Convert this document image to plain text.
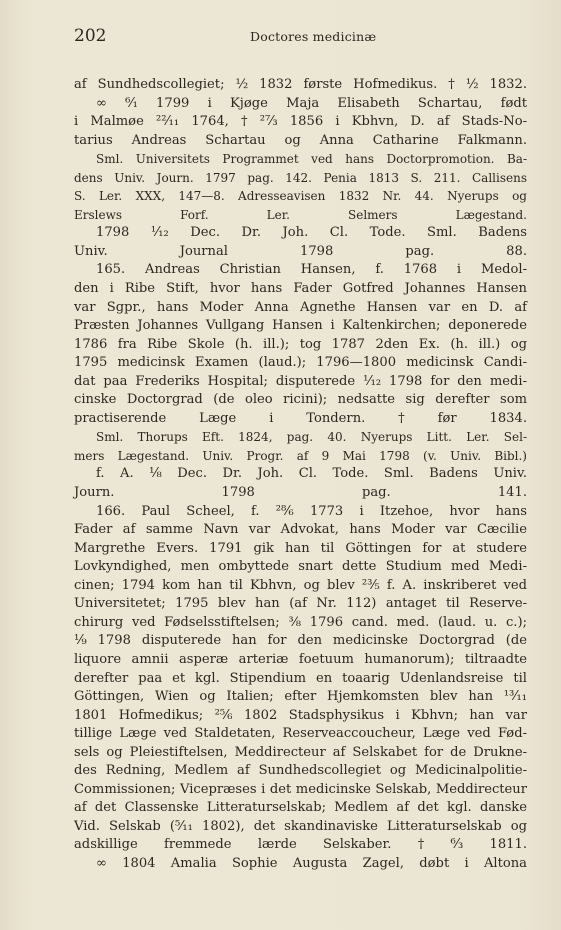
202	Doctores medicinæ
af Sundhedscollegiet; ½ 1832 første Hofmedikus. † ½ 1832.
∞ ⁶⁄₁ 1799 i Kjøge Maja Elisabeth Schartau, født
i Malmøe ²²⁄₁₁ 1764, † ²⁷⁄₃ 1856 i Kbhvn, D. af Stads-No-
tarius Andreas Schartau og Anna Catharine Falkmann.
Sml. Universitets Programmet ved hans Doctorpromotion. Ba-
dens Univ. Journ. 1797 pag. 142. Penia 1813 S. 211. Callisens
S. Ler. XXX, 147—8. Adresseavisen 1832 Nr. 44. Nyerups og
Erslews Forf. Ler. Selmers Lægestand.
1798 ¹⁄₁₂ Dec. Dr. Joh. Cl. Tode. Sml. Badens
Univ. Journal 1798 pag. 88.
165. Andreas Christian Hansen, f. 1768 i Medol-
den i Ribe Stift, hvor hans Fader Gotfred Johannes Hansen
var Sgpr., hans Moder Anna Agnethe Hansen var en D. af
Præsten Johannes Vullgang Hansen i Kaltenkirchen; deponerede
1786 fra Ribe Skole (h. ill.); tog 1787 2den Ex. (h. ill.) og
1795 medicinsk Examen (laud.); 1796—1800 medicinsk Candi-
dat paa Frederiks Hospital; disputerede ¹⁄₁₂ 1798 for den medi-
cinske Doctorgrad (de oleo ricini); nedsatte sig derefter som
practiserende Læge i Tondern. † før 1834.
Sml. Thorups Eft. 1824, pag. 40. Nyerups Litt. Ler. Sel-
mers Lægestand. Univ. Progr. af 9 Mai 1798 (v. Univ. Bibl.)
f. A. ⅛ Dec. Dr. Joh. Cl. Tode. Sml. Badens Univ.
Journ. 1798 pag. 141.
166. Paul Scheel, f. ²⁸⁄₆ 1773 i Itzehoe, hvor hans
Fader af samme Navn var Advokat, hans Moder var Cæcilie
Margrethe Evers. 1791 gik han til Göttingen for at studere
Lovkyndighed, men ombyttede snart dette Studium med Medi-
cinen; 1794 kom han til Kbhvn, og blev ²³⁄₅ f. A. inskriberet ved
Universitetet; 1795 blev han (af Nr. 112) antaget til Reserve-
chirurg ved Fødselsstiftelsen; ⅜ 1796 cand. med. (laud. u. c.);
⅑ 1798 disputerede han for den medicinske Doctorgrad (de
liquore amnii asperæ arteriæ foetuum humanorum); tiltraadte
derefter paa et kgl. Stipendium en toaarig Udenlandsreise til
Göttingen, Wien og Italien; efter Hjemkomsten blev han ¹³⁄₁₁
1801 Hofmedikus; ²⁵⁄₆ 1802 Stadsphysikus i Kbhvn; han var
tillige Læge ved Staldetaten, Reserveaccoucheur, Læge ved Fød-
sels og Pleiestiftelsen, Meddirecteur af Selskabet for de Drukne-
des Redning, Medlem af Sundhedscollegiet og Medicinalpolitie-
Commissionen; Vicepræses i det medicinske Selskab, Meddirecteur
af det Classenske Litteraturselskab; Medlem af det kgl. danske
Vid. Selskab (⁵⁄₁₁ 1802), det skandinaviske Litteraturselskab og
adskillige fremmede lærde Selskaber. † ⁶⁄₃ 1811.
∞ 1804 Amalia Sophie Augusta Zagel, døbt i Altona
